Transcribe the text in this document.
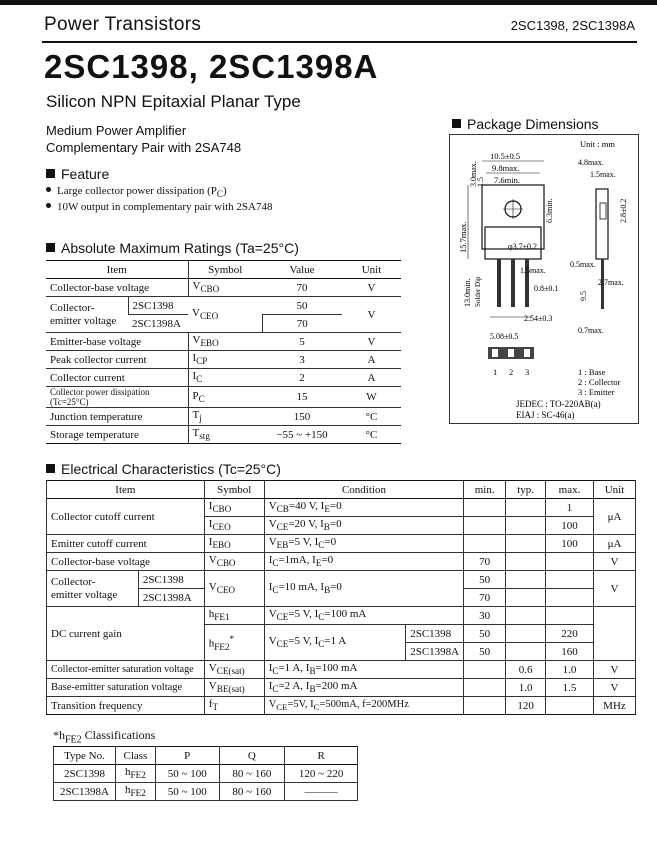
Power Transistors	2SC1398, 2SC1398A
2SC1398, 2SC1398A
Silicon NPN Epitaxial Planar Type
Medium Power Amplifier
Complementary Pair with 2SA748
Feature
Large collector power dissipation $(P_C)$
10W output in complementary pair with 2SA748
Absolute Maximum Ratings (Ta=25°C)
Item		Symbol	Value	Unit
Collector-base voltage		$V_{CBO}$	70	V
Collector-
emitter voltage	2SC1398	$V_{CEO}$	50	V
	2SC1398A		70	
Emitter-base voltage		$V_{EBO}$	5	V
Peak collector current		$I_{CP}$	3	A
Collector current		$I_C$	2	A
Collector power dissipation (Tc=25°C)		$P_C$	15	W
Junction temperature		$T_j$	150	°C
Storage temperature		$T_{stg}$	−55 ~ +150	°C
Electrical Characteristics (Tc=25°C)
Item		Symbol	Condition		min.	typ.	max.	Unit
Collector cutoff current		$I_{CBO}$	$V_{CB}=40$ V, $I_E=0$				1	μA
		$I_{CEO}$	$V_{CE}=20$ V, $I_B=0$				100	
Emitter cutoff current		$I_{EBO}$	$V_{EB}=5$ V, $I_C=0$				100	μA
Collector-base voltage		$V_{CBO}$	$I_C=1mA$, $I_E=0$		70			V
Collector-
emitter voltage	2SC1398	$V_{CEO}$	$I_C=10$ mA, $I_B=0$		50			V
	2SC1398A				70			
DC current gain		$h_{FE1}$	$V_{CE}=5$ V, $I_C=100$ mA		30			
		$h_{FE2}^*$	$V_{CE}=5$ V, $I_C=1$ A	2SC1398	50		220	
				2SC1398A	50		160	
Collector-emitter saturation voltage		$V_{CE(sat)}$	$I_C=1$ A, $I_B=100$ mA			0.6	1.0	V
Base-emitter saturation voltage		$V_{BE(sat)}$	$I_C=2$ A, $I_B=200$ mA			1.0	1.5	V
Transition frequency		$f_T$	$V_{CE}=5V$, $I_C=500mA$, f=200MHz			120		MHz
$*h_{FE2}$ Classifications
Type No.	Class	P	Q	R
2SC1398	$h_{FE2}$	50 ~ 100	80 ~ 160	120 ~ 220
2SC1398A	$h_{FE2}$	50 ~ 100	80 ~ 160	———
Package Dimensions
Unit : mm
10.5±0.5
9.8max.
7.6min.
15.7max.
3.0max.
1.5
6.3min.
φ3.7±0.2
1.5max.
0.8±0.1
13.0min. Solder Dip
2.54±0.3
5.08±0.5
4.8max.
1.5max.
2.8±0.2
0.5max.
2.7max.
9.5
0.7max.
1 2 3	1 : Base
2 : Collector
3 : Emitter
JEDEC : TO-220AB(a)
EIAJ : SC-46(a)
